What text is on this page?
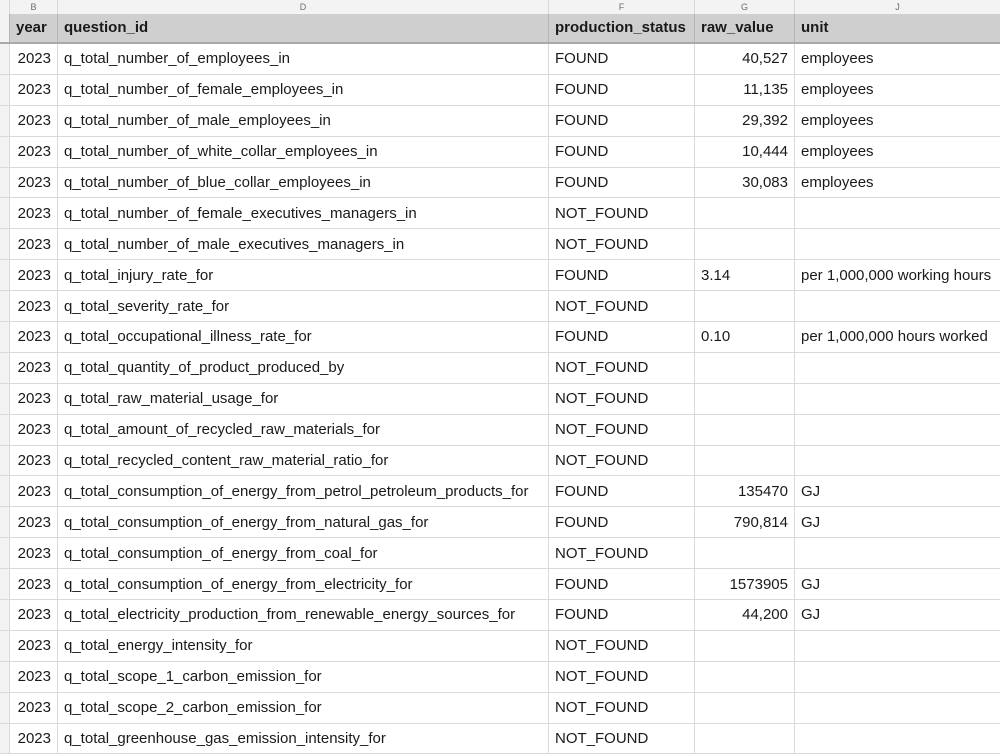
B	D	F	G	J
year	question_id	production_status	raw_value	unit
2023 q_total_number_of_employees_in	FOUND	40,527 employees
2023 q_total_number_of_female_employees_in	FOUND	11,135 employees
2023 q_total_number_of_male_employees_in	FOUND	29,392 employees
2023 q_total_number_of_white_collar_employees_in	FOUND	10,444 employees
2023 q_total_number_of_blue_collar_employees_in	FOUND	30,083 employees
2023 q_total_number_of_female_executives_managers_in	NOT_FOUND
2023 q_total_number_of_male_executives_managers_in	NOT_FOUND
2023 q_total_injury_rate_for	FOUND	3.14	per 1,000,000 working hours
2023 q_total_severity_rate_for	NOT_FOUND
2023 q_total_occupational_illness_rate_for	FOUND	0.10	per 1,000,000 hours worked
2023 q_total_quantity_of_product_produced_by	NOT_FOUND
2023 q_total_raw_material_usage_for	NOT_FOUND
2023 q_total_amount_of_recycled_raw_materials_for	NOT_FOUND
2023 q_total_recycled_content_raw_material_ratio_for	NOT_FOUND
2023 q_total_consumption_of_energy_from_petrol_petroleum_products_for	FOUND	135470 GJ
2023 q_total_consumption_of_energy_from_natural_gas_for	FOUND	790,814 GJ
2023 q_total_consumption_of_energy_from_coal_for	NOT_FOUND
2023 q_total_consumption_of_energy_from_electricity_for	FOUND	1573905 GJ
2023 q_total_electricity_production_from_renewable_energy_sources_for	FOUND	44,200 GJ
2023 q_total_energy_intensity_for	NOT_FOUND
2023 q_total_scope_1_carbon_emission_for	NOT_FOUND
2023 q_total_scope_2_carbon_emission_for	NOT_FOUND
2023 q_total_greenhouse_gas_emission_intensity_for	NOT_FOUND
